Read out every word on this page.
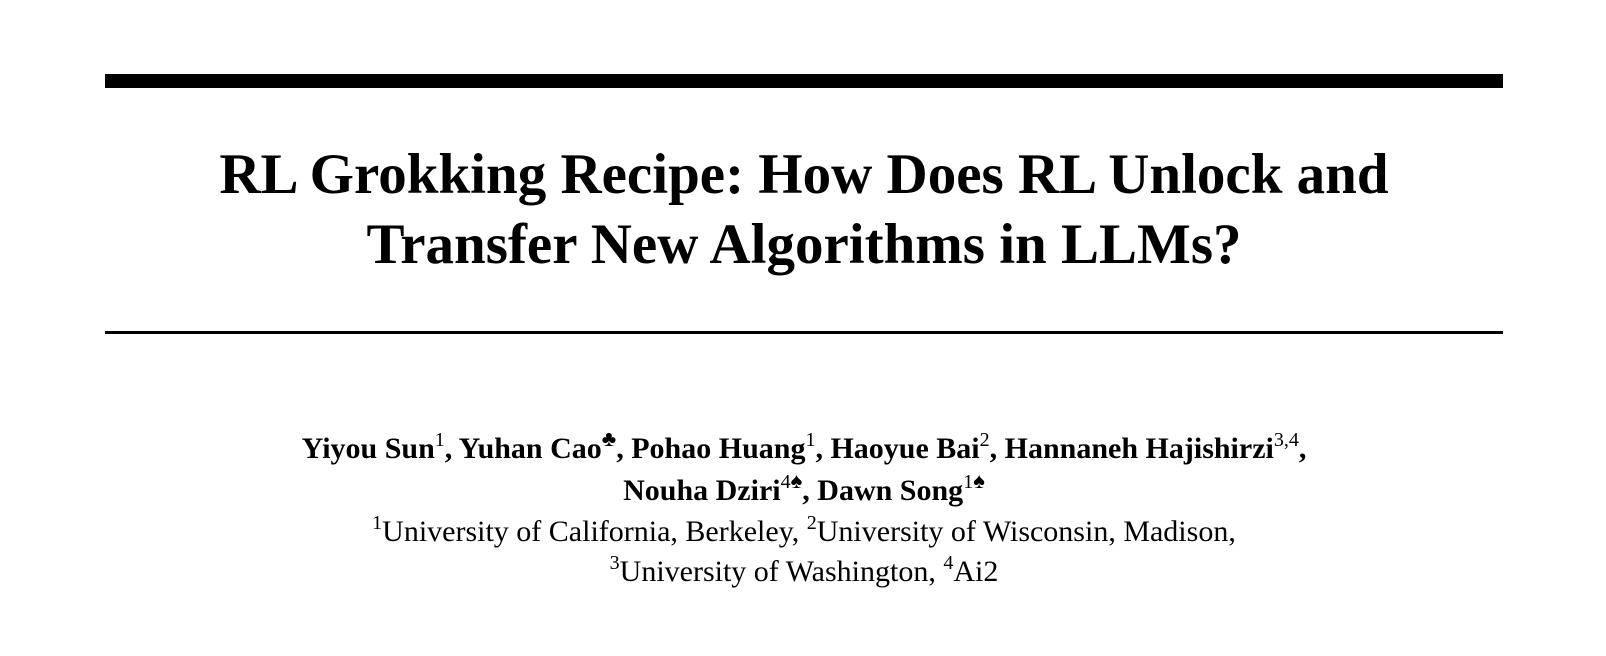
RL Grokking Recipe: How Does RL Unlock and
Transfer New Algorithms in LLMs?
Yiyou Sun$^1$, Yuhan Cao♣, Pohao Huang$^1$, Haoyue Bai$^2$, Hannaneh Hajishirzi$^{3,4}$,
Nouha Dziri$^{4♠}$, Dawn Song$^{1♠}$
$^1$University of California, Berkeley, $^2$University of Wisconsin, Madison,
$^3$University of Washington, $^4$Ai2
